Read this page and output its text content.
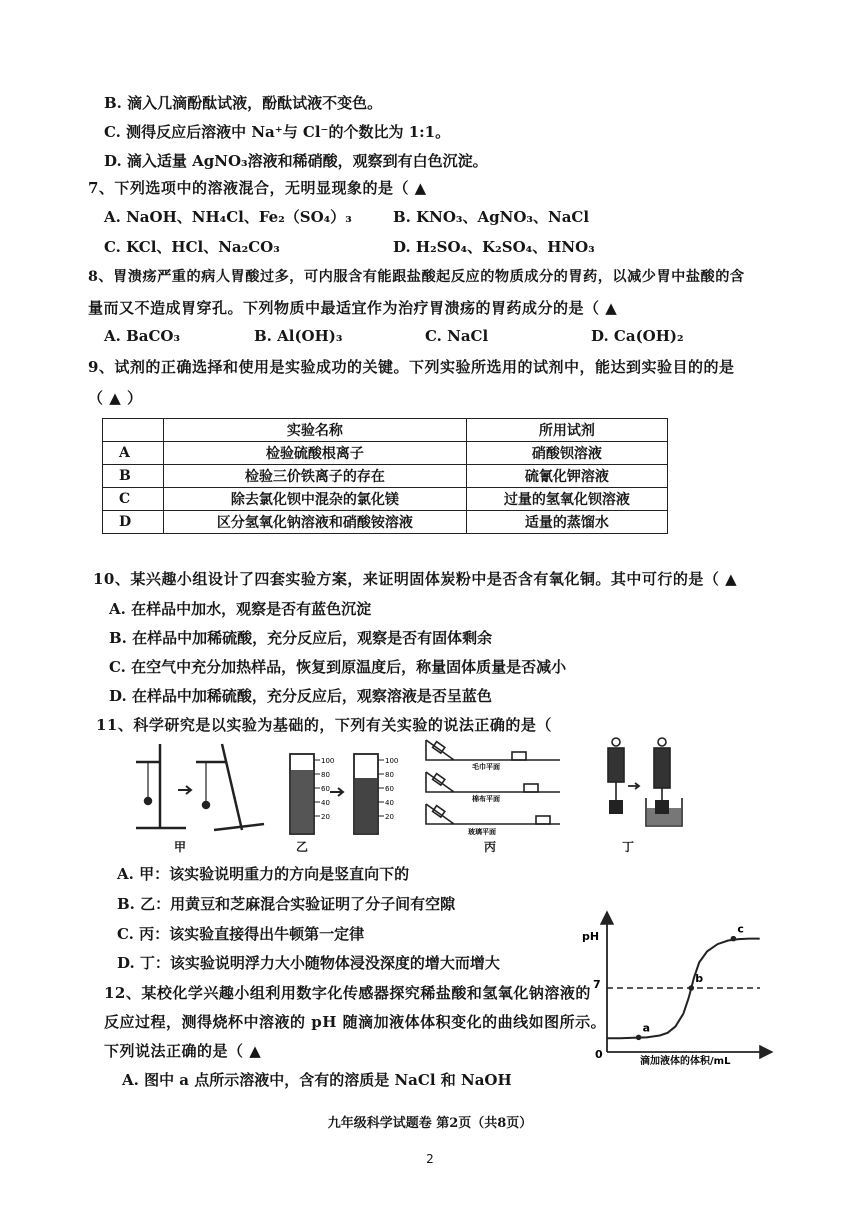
B. 滴入几滴酚酞试液，酚酞试液不变色。
C. 测得反应后溶液中 Na⁺与 Cl⁻的个数比为 1:1。
D. 滴入适量 AgNO₃溶液和稀硝酸，观察到有白色沉淀。
7、下列选项中的溶液混合，无明显现象的是（ ▲
A. NaOH、NH₄Cl、Fe₂（SO₄）₃	B. KNO₃、AgNO₃、NaCl
C. KCl、HCl、Na₂CO₃	D. H₂SO₄、K₂SO₄、HNO₃
8、胃溃疡严重的病人胃酸过多，可内服含有能跟盐酸起反应的物质成分的胃药，以减少胃中盐酸的含
量而又不造成胃穿孔。下列物质中最适宜作为治疗胃溃疡的胃药成分的是（ ▲
A. BaCO₃	B. Al(OH)₃	C. NaCl	D. Ca(OH)₂
9、试剂的正确选择和使用是实验成功的关键。下列实验所选用的试剂中，能达到实验目的的是
（ ▲ ）
	实验名称	所用试剂
A	检验硫酸根离子	硝酸钡溶液
B	检验三价铁离子的存在	硫氰化钾溶液
C	除去氯化钡中混杂的氯化镁	过量的氢氧化钡溶液
D	区分氢氧化钠溶液和硝酸铵溶液	适量的蒸馏水
10、某兴趣小组设计了四套实验方案，来证明固体炭粉中是否含有氧化铜。其中可行的是（ ▲
A. 在样品中加水，观察是否有蓝色沉淀
B. 在样品中加稀硫酸，充分反应后，观察是否有固体剩余
C. 在空气中充分加热样品，恢复到原温度后，称量固体质量是否减小
D. 在样品中加稀硫酸，充分反应后，观察溶液是否呈蓝色
11、科学研究是以实验为基础的，下列有关实验的说法正确的是（
甲
100
80
60
40
20
100
80
60
40
20
乙
毛巾平面
棉布平面
玻璃平面
丙	丁
A. 甲：该实验说明重力的方向是竖直向下的
B. 乙：用黄豆和芝麻混合实验证明了分子间有空隙
C. 丙：该实验直接得出牛顿第一定律
D. 丁：该实验说明浮力大小随物体浸没深度的增大而增大
12、某校化学兴趣小组利用数字化传感器探究稀盐酸和氢氧化钠溶液的
反应过程，测得烧杯中溶液的 pH 随滴加液体体积变化的曲线如图所示。
下列说法正确的是（ ▲
A. 图中 a 点所示溶液中，含有的溶质是 NaCl 和 NaOH
pH
0
7
滴加液体的体积/mL
a
b
c
九年级科学试题卷 第2页（共8页）
2
